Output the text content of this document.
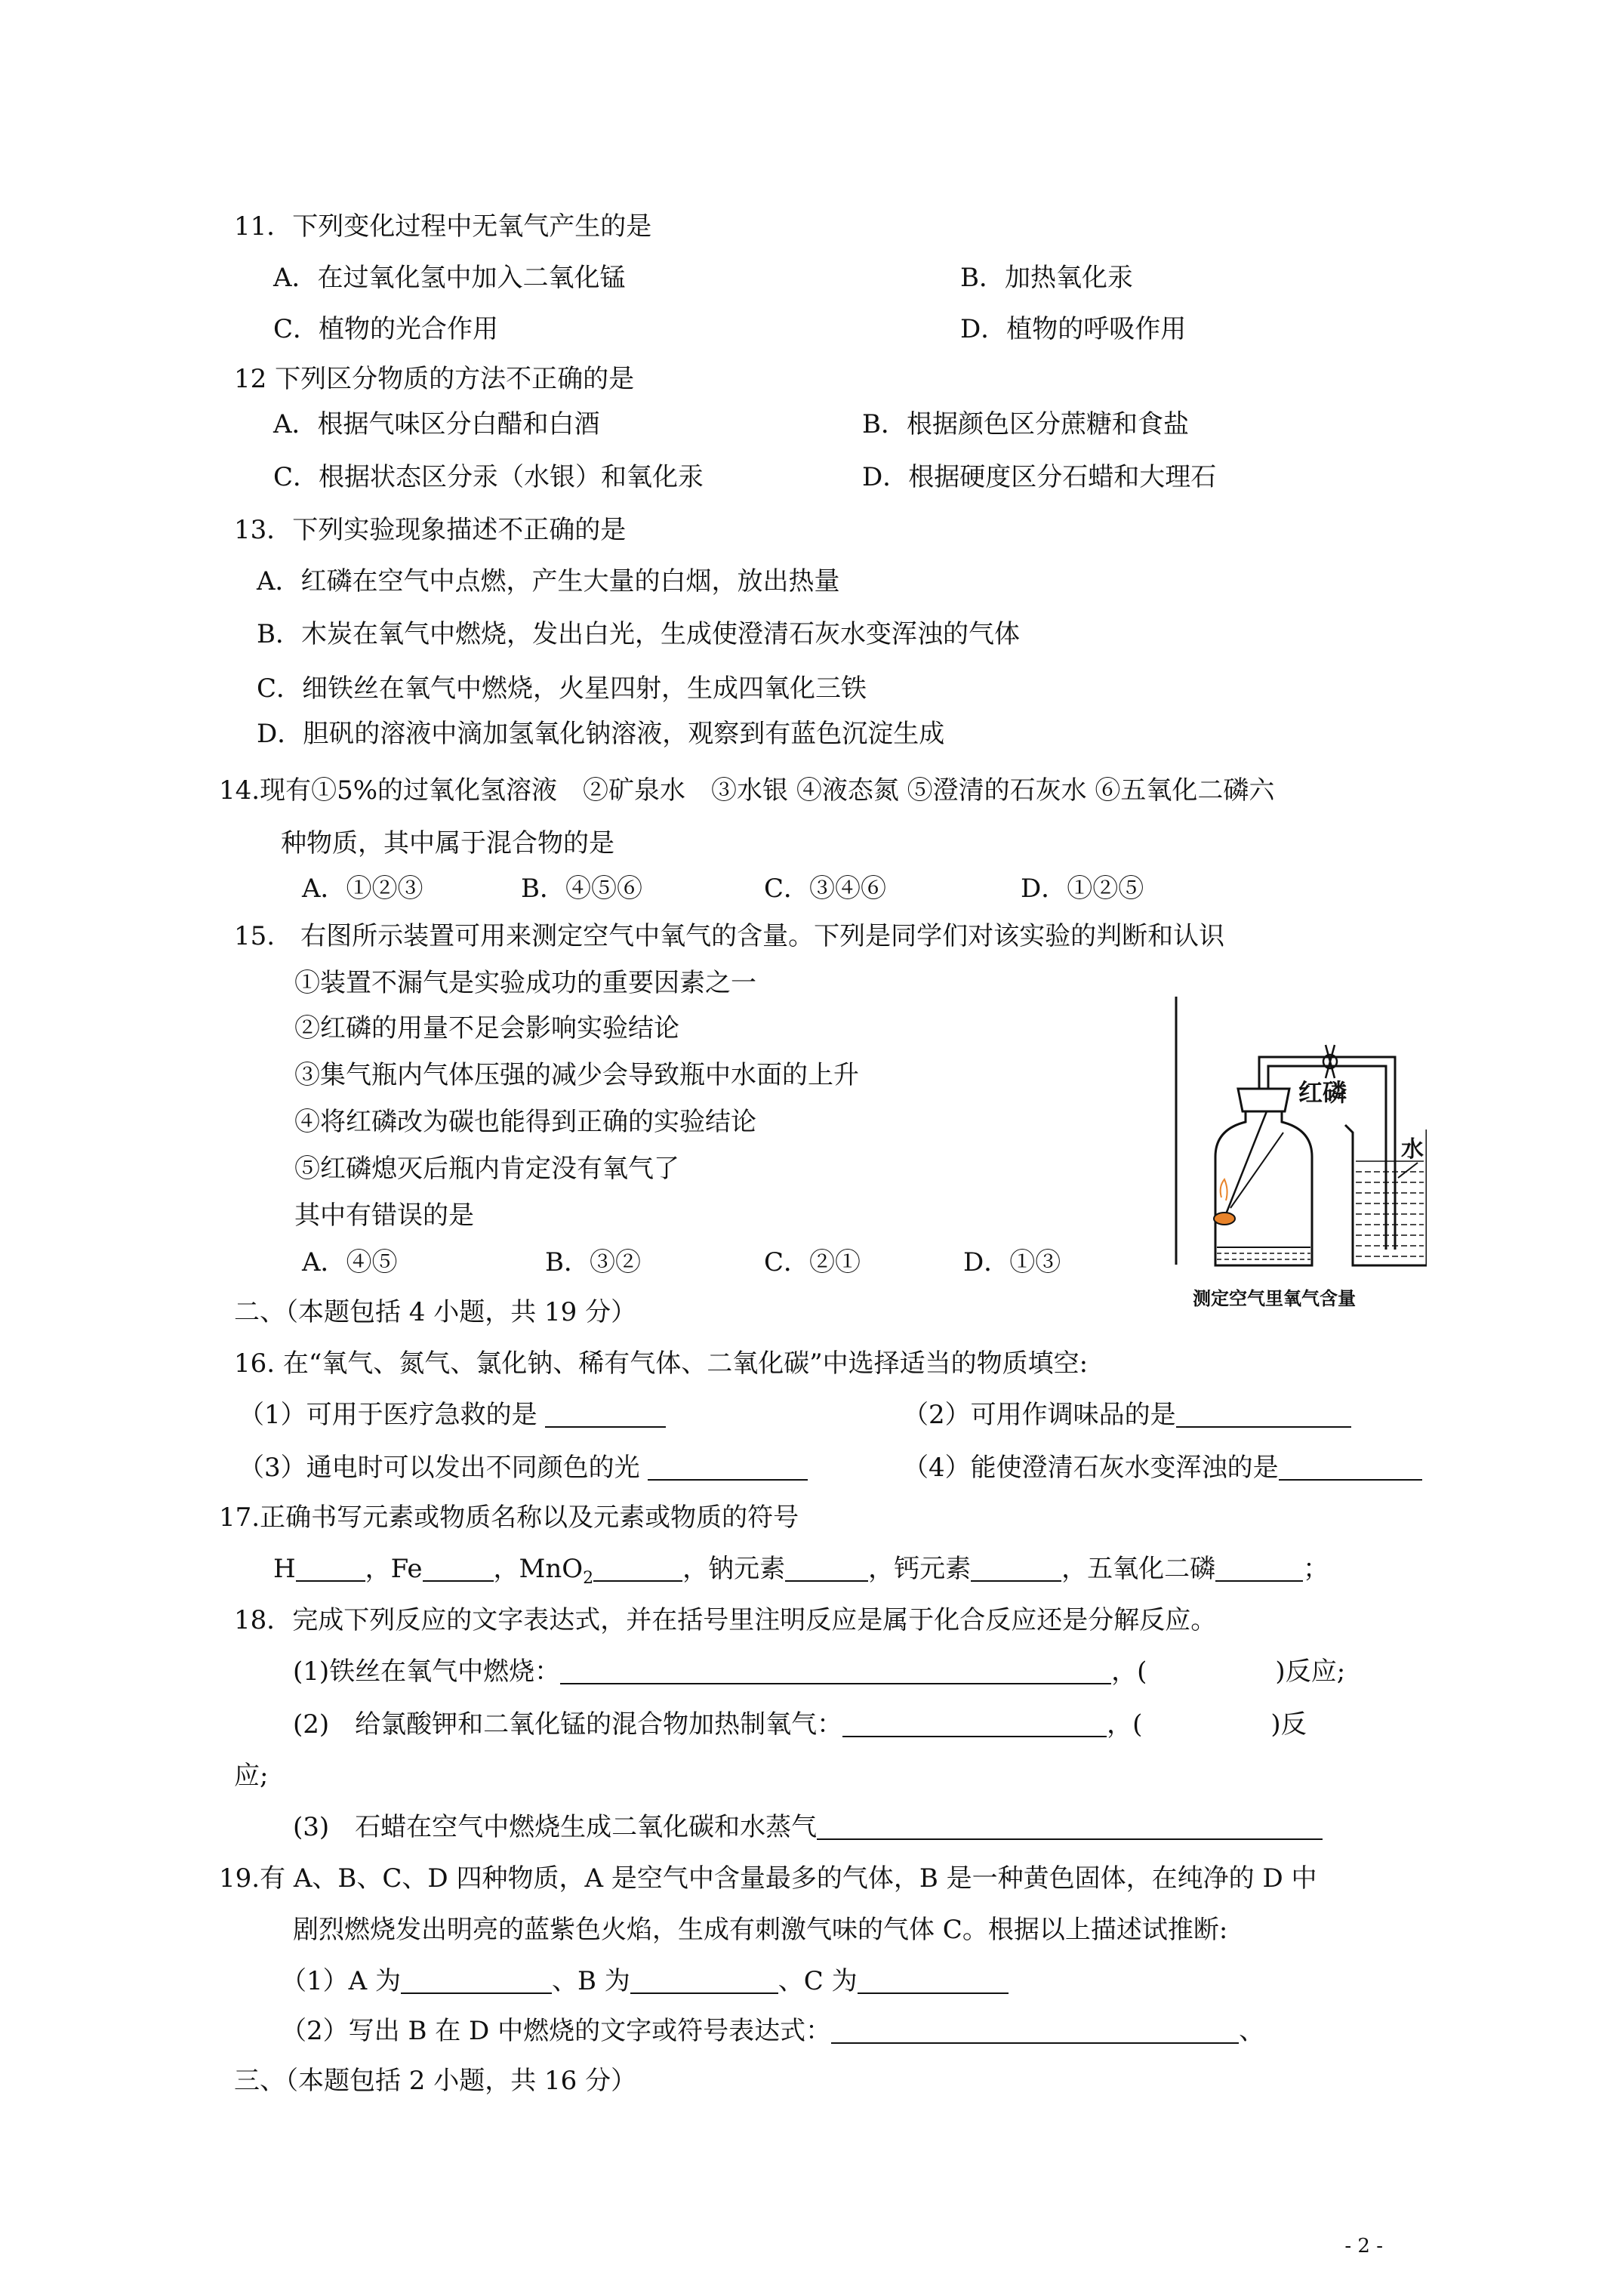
11．下列变化过程中无氧气产生的是
A．在过氧化氢中加入二氧化锰	B．加热氧化汞
C．植物的光合作用	D．植物的呼吸作用
12 下列区分物质的方法不正确的是
A．根据气味区分白醋和白酒	B．根据颜色区分蔗糖和食盐
C．根据状态区分汞（水银）和氧化汞	D．根据硬度区分石蜡和大理石
13．下列实验现象描述不正确的是
A．红磷在空气中点燃，产生大量的白烟，放出热量
B．木炭在氧气中燃烧，发出白光，生成使澄清石灰水变浑浊的气体
C．细铁丝在氧气中燃烧，火星四射，生成四氧化三铁
D．胆矾的溶液中滴加氢氧化钠溶液，观察到有蓝色沉淀生成
14.现有①5%的过氧化氢溶液　②矿泉水　③水银 ④液态氮 ⑤澄清的石灰水 ⑥五氧化二磷六
种物质，其中属于混合物的是
A．①②③	B．④⑤⑥	C．③④⑥	D．①②⑤
15.　右图所示装置可用来测定空气中氧气的含量。下列是同学们对该实验的判断和认识
①装置不漏气是实验成功的重要因素之一
②红磷的用量不足会影响实验结论
③集气瓶内气体压强的减少会导致瓶中水面的上升
④将红磷改为碳也能得到正确的实验结论
⑤红磷熄灭后瓶内肯定没有氧气了
其中有错误的是
A．④⑤	B．③②	C．②①	D．①③
红磷
水
测定空气里氧气含量
二、（本题包括 4 小题，共 19 分）
16. 在“氧气、氮气、氯化钠、稀有气体、二氧化碳”中选择适当的物质填空:
（1）可用于医疗急救的是	（2）可用作调味品的是
（3）通电时可以发出不同颜色的光	（4）能使澄清石灰水变浑浊的是
17.正确书写元素或物质名称以及元素或物质的符号
H	，Fe	，MnO$_2$	，钠元素	，钙元素	，五氧化二磷	；
18．完成下列反应的文字表达式，并在括号里注明反应是属于化合反应还是分解反应。
(1)铁丝在氧气中燃烧：	，(　　　　　)反应;
(2)　给氯酸钾和二氧化锰的混合物加热制氧气：	，(　　　　　)反
应;
(3)　石蜡在空气中燃烧生成二氧化碳和水蒸气
19.有 A、B、C、D 四种物质，A 是空气中含量最多的气体，B 是一种黄色固体，在纯净的 D 中
剧烈燃烧发出明亮的蓝紫色火焰，生成有刺激气味的气体 C。根据以上描述试推断:
（1）A 为	、B 为	、C 为
（2）写出 B 在 D 中燃烧的文字或符号表达式：	、
三、（本题包括 2 小题，共 16 分）
- 2 -
